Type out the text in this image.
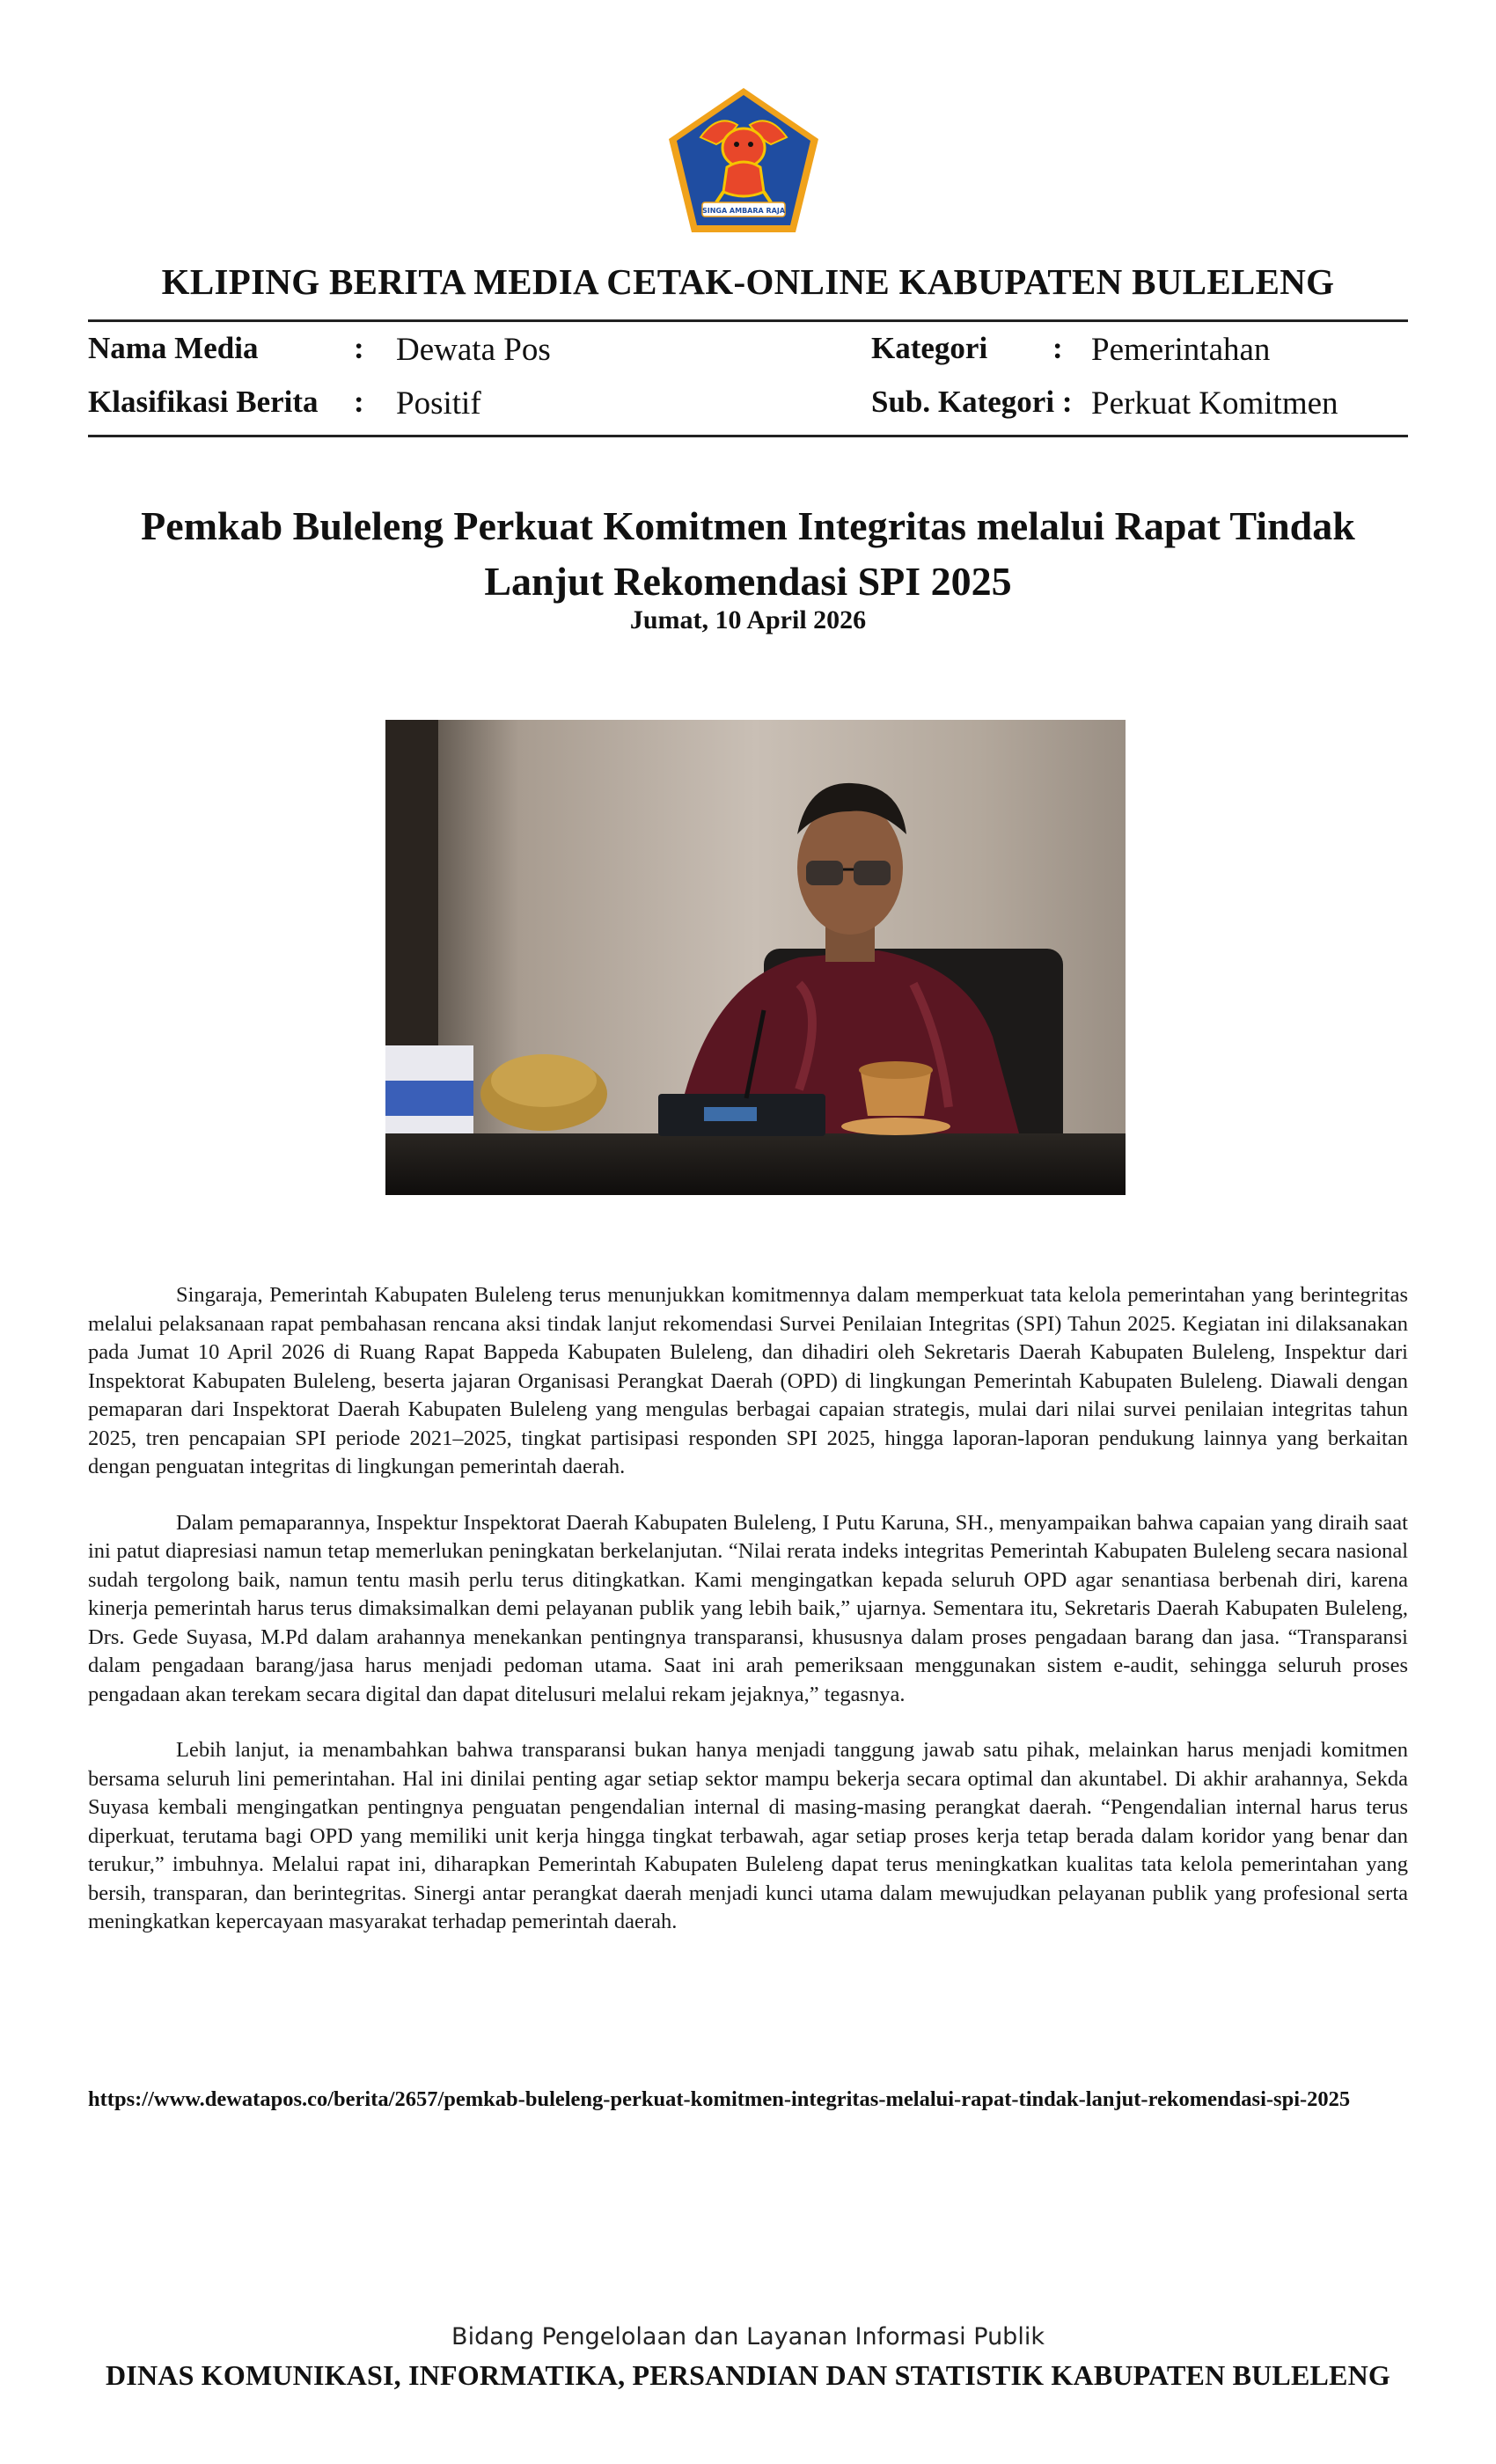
SINGA AMBARA RAJA
KLIPING BERITA MEDIA CETAK-ONLINE KABUPATEN BULELENG
Nama Media	: Dewata Pos
Klasifikasi Berita : Positif
Kategori : Pemerintahan
Sub. Kategori : Perkuat Komitmen
Pemkab Buleleng Perkuat Komitmen Integritas melalui Rapat Tindak Lanjut Rekomendasi SPI 2025
Jumat, 10 April 2026

Singaraja, Pemerintah Kabupaten Buleleng terus menunjukkan komitmennya dalam memperkuat tata kelola pemerintahan yang berintegritas melalui pelaksanaan rapat pembahasan rencana aksi tindak lanjut rekomendasi Survei Penilaian Integritas (SPI) Tahun 2025. Kegiatan ini dilaksanakan pada Jumat 10 April 2026 di Ruang Rapat Bappeda Kabupaten Buleleng, dan dihadiri oleh Sekretaris Daerah Kabupaten Buleleng, Inspektur dari Inspektorat Kabupaten Buleleng, beserta jajaran Organisasi Perangkat Daerah (OPD) di lingkungan Pemerintah Kabupaten Buleleng. Diawali dengan pemaparan dari Inspektorat Daerah Kabupaten Buleleng yang mengulas berbagai capaian strategis, mulai dari nilai survei penilaian integritas tahun 2025, tren pencapaian SPI periode 2021–2025, tingkat partisipasi responden SPI 2025, hingga laporan-laporan pendukung lainnya yang berkaitan dengan penguatan integritas di lingkungan pemerintah daerah.

Dalam pemaparannya, Inspektur Inspektorat Daerah Kabupaten Buleleng, I Putu Karuna, SH., menyampaikan bahwa capaian yang diraih saat ini patut diapresiasi namun tetap memerlukan peningkatan berkelanjutan. “Nilai rerata indeks integritas Pemerintah Kabupaten Buleleng secara nasional sudah tergolong baik, namun tentu masih perlu terus ditingkatkan. Kami mengingatkan kepada seluruh OPD agar senantiasa berbenah diri, karena kinerja pemerintah harus terus dimaksimalkan demi pelayanan publik yang lebih baik,” ujarnya. Sementara itu, Sekretaris Daerah Kabupaten Buleleng, Drs. Gede Suyasa, M.Pd dalam arahannya menekankan pentingnya transparansi, khususnya dalam proses pengadaan barang dan jasa. “Transparansi dalam pengadaan barang/jasa harus menjadi pedoman utama. Saat ini arah pemeriksaan menggunakan sistem e-audit, sehingga seluruh proses pengadaan akan terekam secara digital dan dapat ditelusuri melalui rekam jejaknya,” tegasnya.

Lebih lanjut, ia menambahkan bahwa transparansi bukan hanya menjadi tanggung jawab satu pihak, melainkan harus menjadi komitmen bersama seluruh lini pemerintahan. Hal ini dinilai penting agar setiap sektor mampu bekerja secara optimal dan akuntabel. Di akhir arahannya, Sekda Suyasa kembali mengingatkan pentingnya penguatan pengendalian internal di masing-masing perangkat daerah. “Pengendalian internal harus terus diperkuat, terutama bagi OPD yang memiliki unit kerja hingga tingkat terbawah, agar setiap proses kerja tetap berada dalam koridor yang benar dan terukur,” imbuhnya. Melalui rapat ini, diharapkan Pemerintah Kabupaten Buleleng dapat terus meningkatkan kualitas tata kelola pemerintahan yang bersih, transparan, dan berintegritas. Sinergi antar perangkat daerah menjadi kunci utama dalam mewujudkan pelayanan publik yang profesional serta meningkatkan kepercayaan masyarakat terhadap pemerintah daerah.

https://www.dewatapos.co/berita/2657/pemkab-buleleng-perkuat-komitmen-integritas-melalui-rapat-tindak-lanjut-rekomendasi-spi-2025
Bidang Pengelolaan dan Layanan Informasi Publik
DINAS KOMUNIKASI, INFORMATIKA, PERSANDIAN DAN STATISTIK KABUPATEN BULELENG
